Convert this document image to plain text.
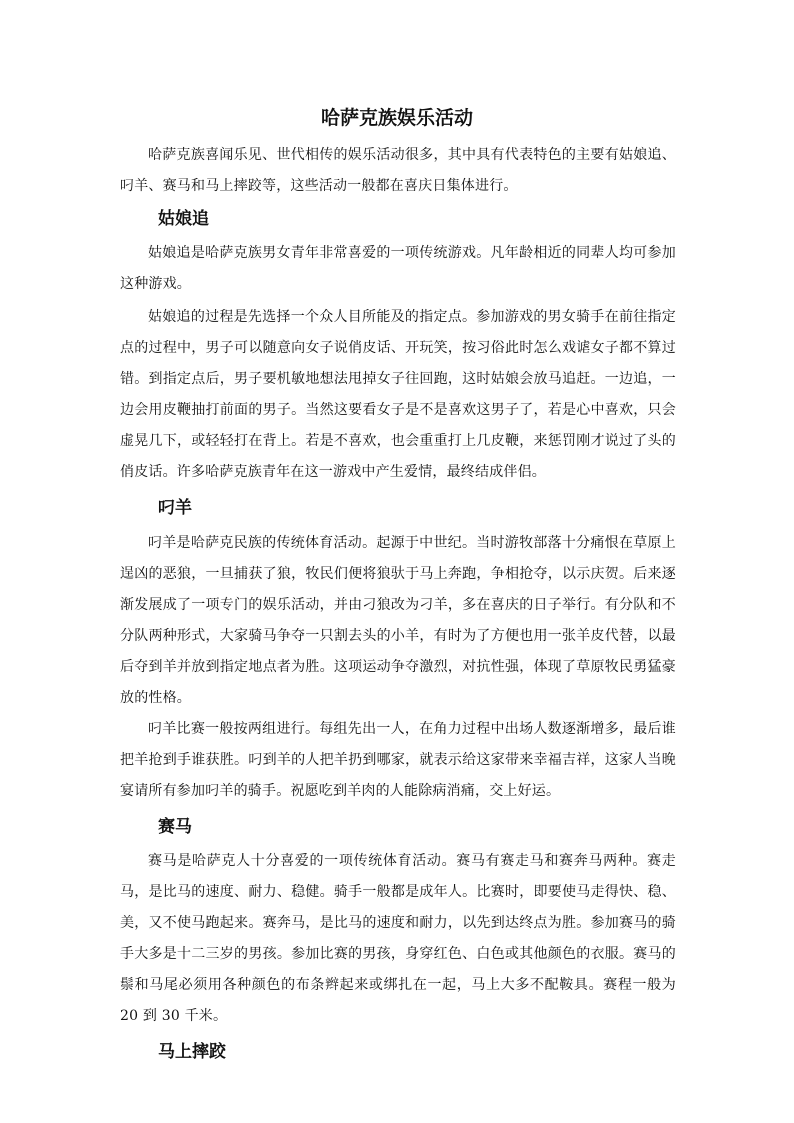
哈萨克族娱乐活动

哈萨克族喜闻乐见、世代相传的娱乐活动很多，其中具有代表特色的主要有姑娘追、叼羊、赛马和马上摔跤等，这些活动一般都在喜庆日集体进行。

姑娘追

姑娘追是哈萨克族男女青年非常喜爱的一项传统游戏。凡年龄相近的同辈人均可参加这种游戏。

姑娘追的过程是先选择一个众人目所能及的指定点。参加游戏的男女骑手在前往指定点的过程中，男子可以随意向女子说俏皮话、开玩笑，按习俗此时怎么戏谑女子都不算过错。到指定点后，男子要机敏地想法甩掉女子往回跑，这时姑娘会放马追赶。一边追，一边会用皮鞭抽打前面的男子。当然这要看女子是不是喜欢这男子了，若是心中喜欢，只会虚晃几下，或轻轻打在背上。若是不喜欢，也会重重打上几皮鞭，来惩罚刚才说过了头的俏皮话。许多哈萨克族青年在这一游戏中产生爱情，最终结成伴侣。

叼羊

叼羊是哈萨克民族的传统体育活动。起源于中世纪。当时游牧部落十分痛恨在草原上逞凶的恶狼，一旦捕获了狼，牧民们便将狼驮于马上奔跑，争相抢夺，以示庆贺。后来逐渐发展成了一项专门的娱乐活动，并由刁狼改为刁羊，多在喜庆的日子举行。有分队和不分队两种形式，大家骑马争夺一只割去头的小羊，有时为了方便也用一张羊皮代替，以最后夺到羊并放到指定地点者为胜。这项运动争夺激烈，对抗性强，体现了草原牧民勇猛豪放的性格。

叼羊比赛一般按两组进行。每组先出一人，在角力过程中出场人数逐渐增多，最后谁把羊抢到手谁获胜。叼到羊的人把羊扔到哪家，就表示给这家带来幸福吉祥，这家人当晚宴请所有参加叼羊的骑手。祝愿吃到羊肉的人能除病消痛，交上好运。

赛马

赛马是哈萨克人十分喜爱的一项传统体育活动。赛马有赛走马和赛奔马两种。赛走马，是比马的速度、耐力、稳健。骑手一般都是成年人。比赛时，即要使马走得快、稳、美，又不使马跑起来。赛奔马，是比马的速度和耐力，以先到达终点为胜。参加赛马的骑手大多是十二三岁的男孩。参加比赛的男孩，身穿红色、白色或其他颜色的衣服。赛马的鬃和马尾必须用各种颜色的布条辫起来或绑扎在一起，马上大多不配鞍具。赛程一般为 20 到 30 千米。

马上摔跤
